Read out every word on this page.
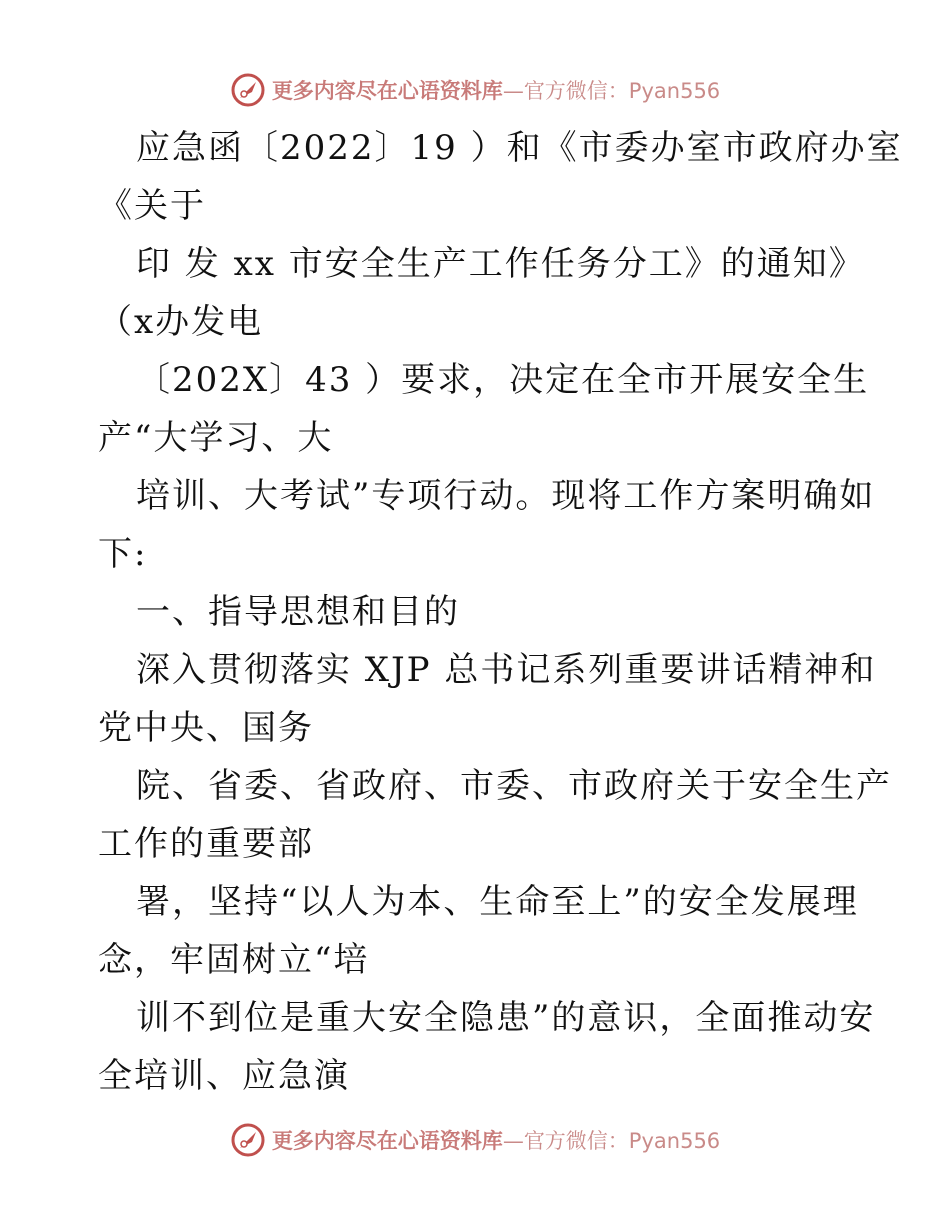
更多内容尽在心语资料库—官方微信：Pyan556
应急函〔2022〕19 ）和《市委办室市政府办室
《关于
印 发 xx 市安全生产工作任务分工》的通知》
（x办发电
〔202X〕43 ）要求，决定在全市开展安全生
产“大学习、大
培训、大考试”专项行动。现将工作方案明确如
下:
一、指导思想和目的
深入贯彻落实 XJP 总书记系列重要讲话精神和
党中央、国务
院、省委、省政府、市委、市政府关于安全生产
工作的重要部
署，坚持“以人为本、生命至上”的安全发展理
念，牢固树立“培
训不到位是重大安全隐患”的意识，全面推动安
全培训、应急演
更多内容尽在心语资料库—官方微信：Pyan556
